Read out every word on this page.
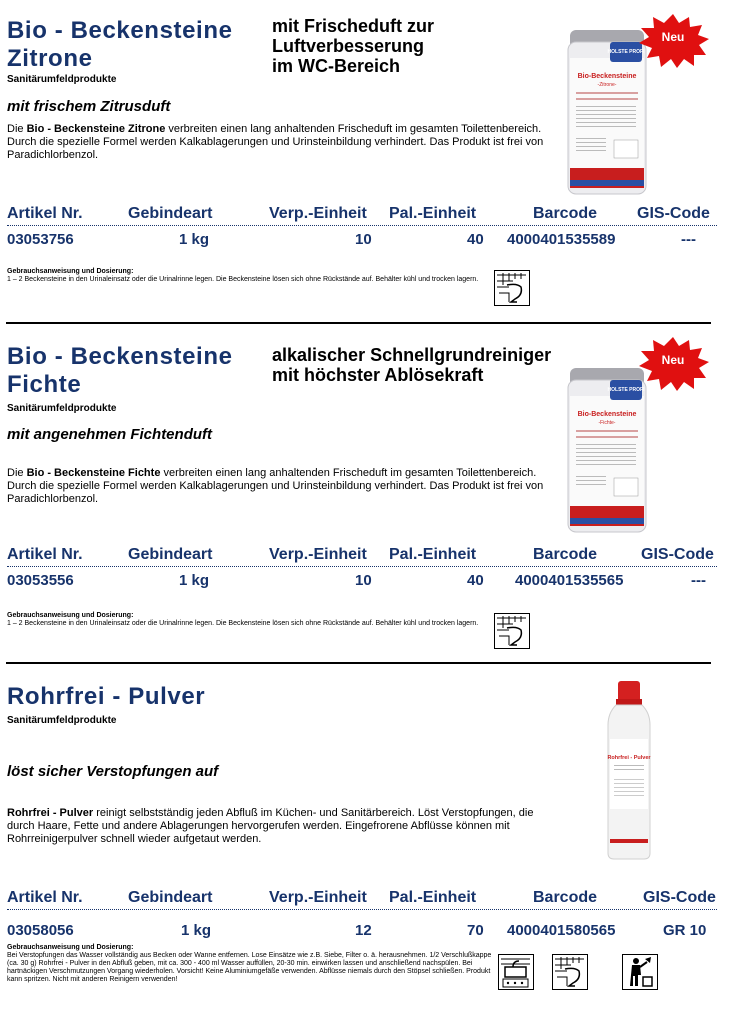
Bio - Beckensteine
Zitrone
mit Frischeduft zur
Luftverbesserung
im WC-Bereich
Sanitärumfeldprodukte
mit frischem Zitrusduft
Die Bio - Beckensteine Zitrone verbreiten einen lang anhaltenden Frischeduft im gesamten Toilettenbereich. Durch die spezielle Formel werden Kalkablagerungen und Urinsteinbildung verhindert. Das Produkt ist frei von Paradichlorbenzol.
HOLSTE PROFI
Bio-Beckensteine
-Zitrone-
Neu
Artikel Nr.	Gebindeart	Verp.-Einheit Pal.-Einheit	Barcode GIS-Code
03053756	1 kg	10	40 4000401535589	---
Gebrauchsanweisung und Dosierung:
1 – 2 Beckensteine in den Urinaleinsatz oder die Urinalrinne legen. Die Beckensteine lösen sich ohne Rückstände auf. Behälter kühl und trocken lagern.
Bio - Beckensteine
Fichte
alkalischer Schnellgrundreiniger
mit höchster Ablösekraft
Sanitärumfeldprodukte
mit angenehmen Fichtenduft
Die Bio - Beckensteine Fichte verbreiten einen lang anhaltenden Frischeduft im gesamten Toilettenbereich. Durch die spezielle Formel werden Kalkablagerungen und Urinsteinbildung verhindert. Das Produkt ist frei von Paradichlorbenzol.
HOLSTE PROFI
Bio-Beckensteine
-Fichte-
Neu
Artikel Nr.	Gebindeart	Verp.-Einheit Pal.-Einheit	Barcode	GIS-Code
03053556	1 kg	10	40 4000401535565	---
Gebrauchsanweisung und Dosierung:
1 – 2 Beckensteine in den Urinaleinsatz oder die Urinalrinne legen. Die Beckensteine lösen sich ohne Rückstände auf. Behälter kühl und trocken lagern.
Rohrfrei - Pulver
Sanitärumfeldprodukte
löst sicher Verstopfungen auf
Rohrfrei - Pulver reinigt selbstständig jeden Abfluß im Küchen- und Sanitärbereich. Löst Verstopfungen, die durch Haare, Fette und andere Ablagerungen hervorgerufen werden. Eingefrorene Abflüsse können mit Rohrreinigerpulver schnell wieder aufgetaut werden.
Rohrfrei - Pulver
Artikel Nr.	Gebindeart	Verp.-Einheit Pal.-Einheit	Barcode	GIS-Code
03058056	1 kg	12	70 4000401580565	GR 10
Gebrauchsanweisung und Dosierung:
Bei Verstopfungen das Wasser vollständig aus Becken oder Wanne entfernen. Lose Einsätze wie z.B. Siebe, Filter o. ä. herausnehmen. 1/2 Verschlußkappe (ca. 30 g) Rohrfrei - Pulver in den Abfluß geben, mit ca. 300 - 400 ml Wasser auffüllen, 20-30 min. einwirken lassen und anschließend nachspülen. Bei hartnäckigen Verschmutzungen Vorgang wiederholen. Vorsicht! Keine Aluminiumgefäße verwenden. Abflüsse niemals durch den Stöpsel schließen. Produkt kann spritzen. Nicht mit anderen Reinigern verwenden!
